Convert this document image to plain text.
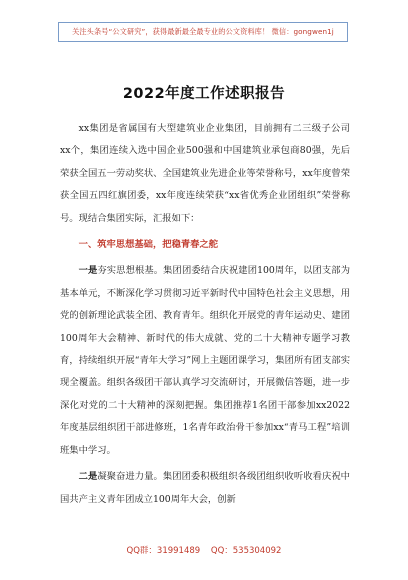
关注头条号“公文研究”，获得最新最全最专业的公文资料库！ 微信：gongwen1j
2022年度工作述职报告

xx集团是省属国有大型建筑业企业集团，目前拥有二三级子公司xx个，集团连续入选中国企业500强和中国建筑业承包商80强，先后荣获全国五一劳动奖状、全国建筑业先进企业等荣誉称号，xx年度曾荣获全国五四红旗团委，xx年度连续荣获“xx省优秀企业团组织”荣誉称号。现结合集团实际，汇报如下：

一、筑牢思想基础，把稳青春之舵

一是夯实思想根基。集团团委结合庆祝建团100周年，以团支部为基本单元，不断深化学习贯彻习近平新时代中国特色社会主义思想，用党的创新理论武装全团、教育青年。组织化开展党的青年运动史、建团100周年大会精神、新时代的伟大成就、党的二十大精神专题学习教育，持续组织开展“青年大学习”网上主题团课学习，集团所有团支部实现全覆盖。组织各级团干部认真学习交流研讨，开展微信答题，进一步深化对党的二十大精神的深刻把握。集团推荐1名团干部参加xx2022年度基层组织团干部进修班，1名青年政治骨干参加xx“青马工程”培训班集中学习。

二是凝聚奋进力量。集团团委积极组织各级团组织收听收看庆祝中国共产主义青年团成立100周年大会，创新

QQ群：31991489 QQ：535304092
